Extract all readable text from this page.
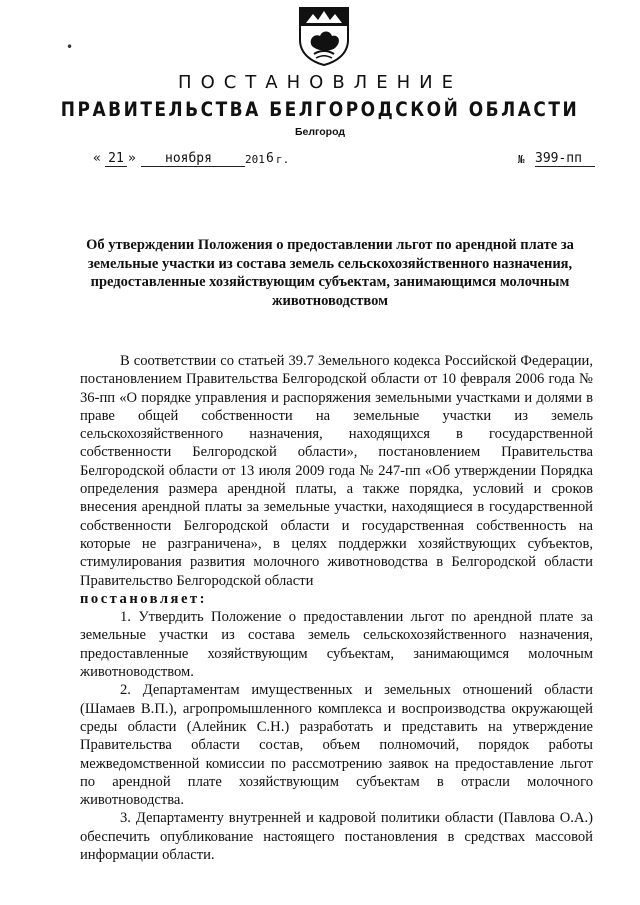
ПОСТАНОВЛЕНИЕ
ПРАВИТЕЛЬСТВА БЕЛГОРОДСКОЙ ОБЛАСТИ
Белгород
« 21 »	ноября	201 6 г.	№ 399-пп
Об утверждении Положения о предоставлении льгот по арендной плате за земельные участки из состава земель сельскохозяйственного назначения, предоставленные хозяйствующим субъектам, занимающимся молочным животноводством

В соответствии со статьей 39.7 Земельного кодекса Российской Федерации, постановлением Правительства Белгородской области от 10 февраля 2006 года № 36-пп «О порядке управления и распоряжения земельными участками и долями в праве общей собственности на земельные участки из земель сельскохозяйственного назначения, находящихся в государственной собственности Белгородской области», постановлением Правительства Белгородской области от 13 июля 2009 года № 247-пп «Об утверждении Порядка определения размера арендной платы, а также порядка, условий и сроков внесения арендной платы за земельные участки, находящиеся в государственной собственности Белгородской области и государственная собственность на которые не разграничена», в целях поддержки хозяйствующих субъектов, стимулирования развития молочного животноводства в Белгородской области Правительство Белгородской области

постановляет:

1. Утвердить Положение о предоставлении льгот по арендной плате за земельные участки из состава земель сельскохозяйственного назначения, предоставленные хозяйствующим субъектам, занимающимся молочным животноводством.

2. Департаментам имущественных и земельных отношений области (Шамаев В.П.), агропромышленного комплекса и воспроизводства окружающей среды области (Алейник С.Н.) разработать и представить на утверждение Правительства области состав, объем полномочий, порядок работы межведомственной комиссии по рассмотрению заявок на предоставление льгот по арендной плате хозяйствующим субъектам в отрасли молочного животноводства.

3. Департаменту внутренней и кадровой политики области (Павлова О.А.) обеспечить опубликование настоящего постановления в средствах массовой информации области.

•
